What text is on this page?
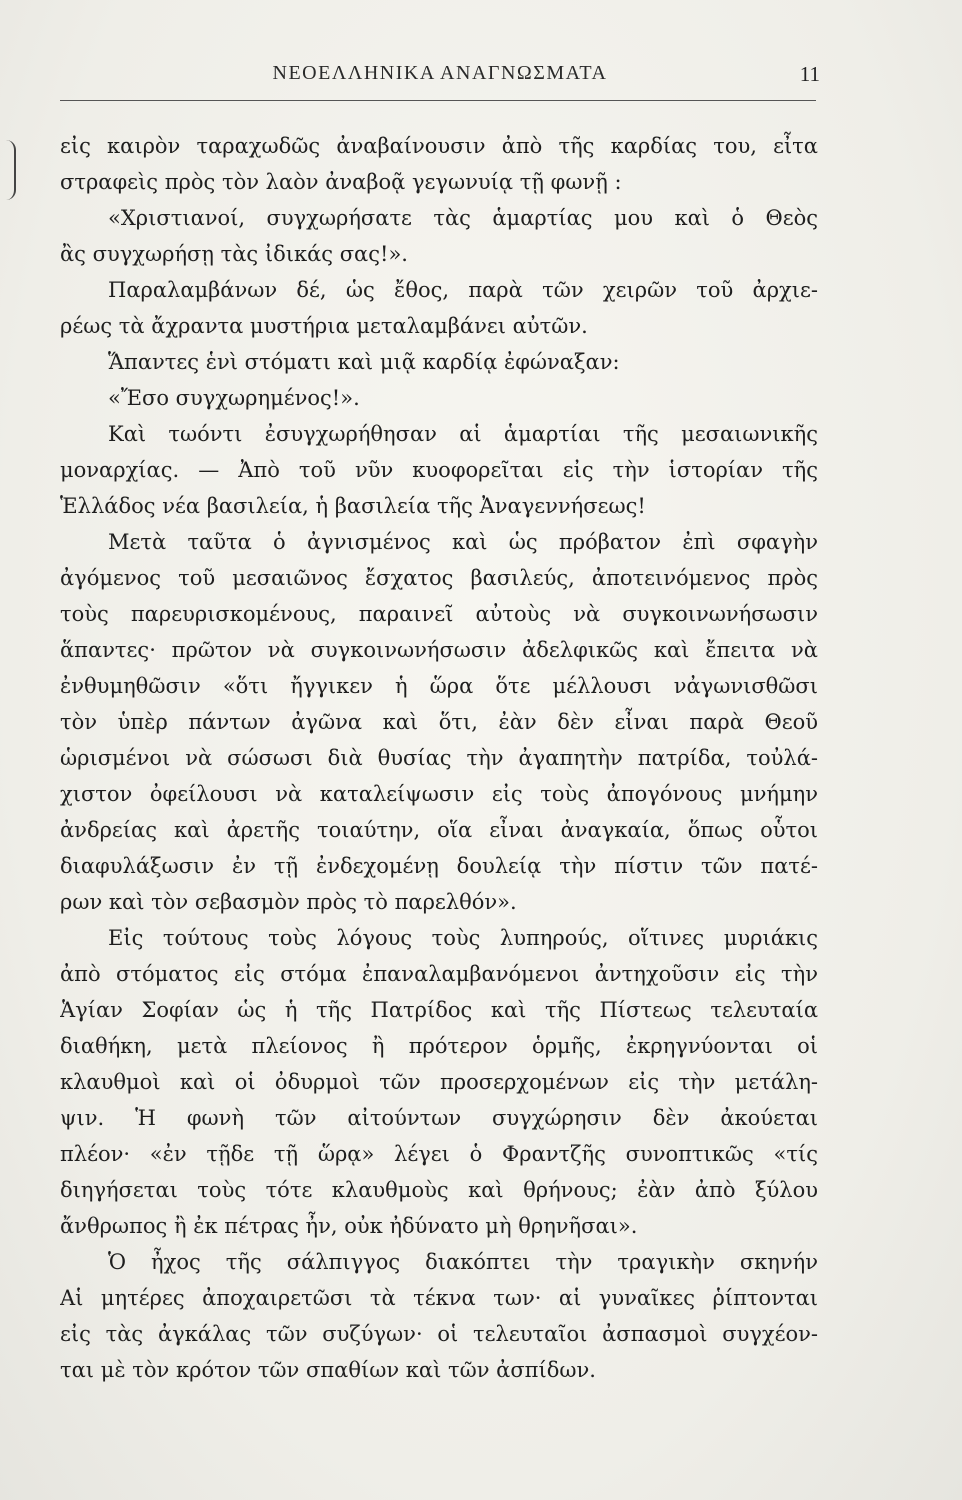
ΝΕΟΕΛΛΗΝΙΚΑ ΑΝΑΓΝΩΣΜΑΤΑ	11
εἰς καιρὸν ταραχωδῶς ἀναβαίνουσιν ἀπὸ τῆς καρδίας του, εἶτα
στραφεὶς πρὸς τὸν λαὸν ἀναβοᾷ γεγωνυίᾳ τῇ φωνῇ :
«Χριστιανοί, συγχωρήσατε τὰς ἁμαρτίας μου καὶ ὁ Θεὸς
ἂς συγχωρήσῃ τὰς ἰδικάς σας!».
Παραλαμβάνων δέ, ὡς ἔθος, παρὰ τῶν χειρῶν τοῦ ἀρχιε-
ρέως τὰ ἄχραντα μυστήρια μεταλαμβάνει αὐτῶν.
Ἅπαντες ἑνὶ στόματι καὶ μιᾷ καρδίᾳ ἐφώναξαν:
«Ἔσο συγχωρημένος!».
Καὶ τωόντι ἐσυγχωρήθησαν αἱ ἁμαρτίαι τῆς μεσαιωνικῆς
μοναρχίας. — Ἀπὸ τοῦ νῦν κυοφορεῖται εἰς τὴν ἱστορίαν τῆς
Ἑλλάδος νέα βασιλεία, ἡ βασιλεία τῆς Ἀναγεννήσεως!
Μετὰ ταῦτα ὁ ἀγνισμένος καὶ ὡς πρόβατον ἐπὶ σφαγὴν
ἀγόμενος τοῦ μεσαιῶνος ἔσχατος βασιλεύς, ἀποτεινόμενος πρὸς
τοὺς παρευρισκομένους, παραινεῖ αὐτοὺς νὰ συγκοινωνήσωσιν
ἅπαντες· πρῶτον νὰ συγκοινωνήσωσιν ἀδελφικῶς καὶ ἔπειτα νὰ
ἐνθυμηθῶσιν «ὅτι ἤγγικεν ἡ ὥρα ὅτε μέλλουσι νἀγωνισθῶσι
τὸν ὑπὲρ πάντων ἀγῶνα καὶ ὅτι, ἐὰν δὲν εἶναι παρὰ Θεοῦ
ὡρισμένοι νὰ σώσωσι διὰ θυσίας τὴν ἀγαπητὴν πατρίδα, τοὐλά-
χιστον ὀφείλουσι νὰ καταλείψωσιν εἰς τοὺς ἀπογόνους μνήμην
ἀνδρείας καὶ ἀρετῆς τοιαύτην, οἵα εἶναι ἀναγκαία, ὅπως οὗτοι
διαφυλάξωσιν ἐν τῇ ἐνδεχομένῃ δουλείᾳ τὴν πίστιν τῶν πατέ-
ρων καὶ τὸν σεβασμὸν πρὸς τὸ παρελθόν».
Εἰς τούτους τοὺς λόγους τοὺς λυπηρούς, οἵτινες μυριάκις
ἀπὸ στόματος εἰς στόμα ἐπαναλαμβανόμενοι ἀντηχοῦσιν εἰς τὴν
Ἁγίαν Σοφίαν ὡς ἡ τῆς Πατρίδος καὶ τῆς Πίστεως τελευταία
διαθήκη, μετὰ πλείονος ἢ πρότερον ὁρμῆς, ἐκρηγνύονται οἱ
κλαυθμοὶ καὶ οἱ ὀδυρμοὶ τῶν προσερχομένων εἰς τὴν μετάλη-
ψιν. Ἡ φωνὴ τῶν αἰτούντων συγχώρησιν δὲν ἀκούεται
πλέον· «ἐν τῇδε τῇ ὥρᾳ» λέγει ὁ Φραντζῆς συνοπτικῶς «τίς
διηγήσεται τοὺς τότε κλαυθμοὺς καὶ θρήνους; ἐὰν ἀπὸ ξύλου
ἄνθρωπος ἢ ἐκ πέτρας ἦν, οὐκ ἠδύνατο μὴ θρηνῆσαι».
Ὁ ἦχος τῆς σάλπιγγος διακόπτει τὴν τραγικὴν σκηνήν
Αἱ μητέρες ἀποχαιρετῶσι τὰ τέκνα των· αἱ γυναῖκες ῥίπτονται
εἰς τὰς ἀγκάλας τῶν συζύγων· οἱ τελευταῖοι ἀσπασμοὶ συγχέον-
ται μὲ τὸν κρότον τῶν σπαθίων καὶ τῶν ἀσπίδων.
